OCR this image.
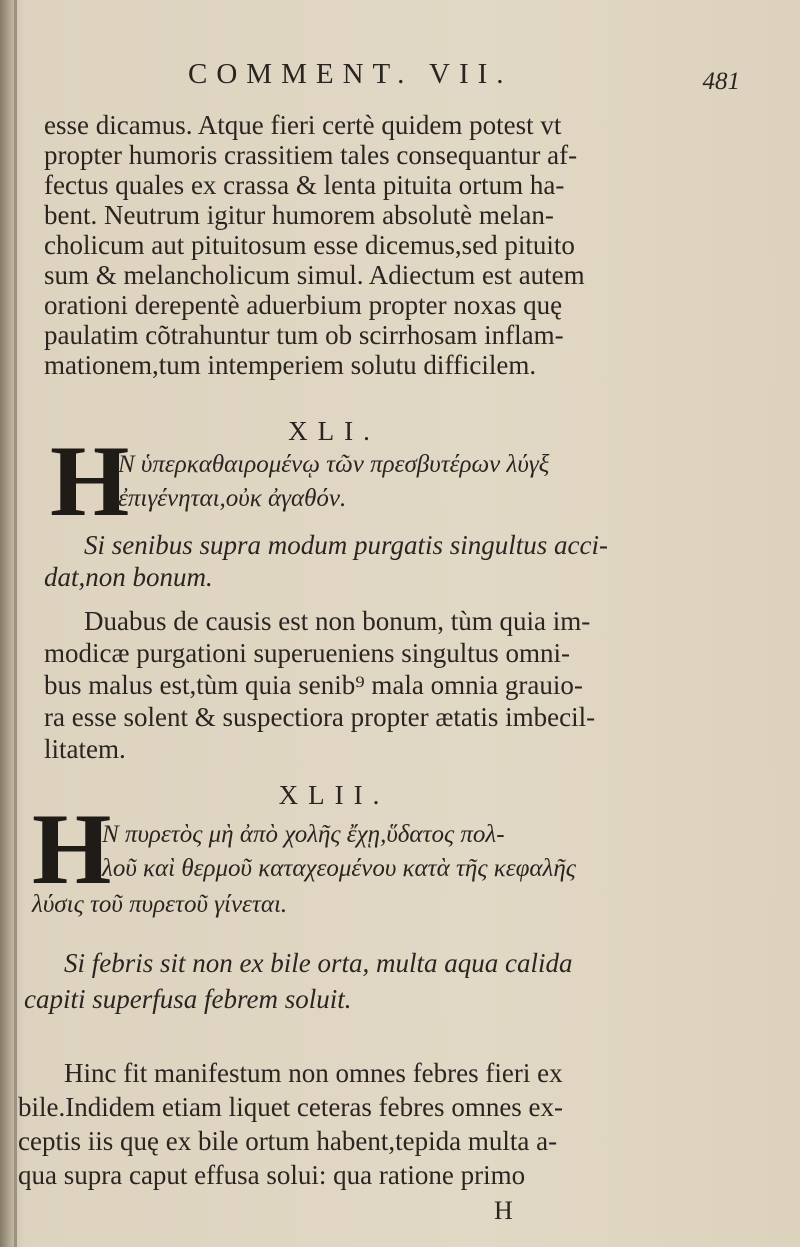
COMMENT. VII.	481
esse dicamus. Atque fieri certè quidem potest vt
propter humoris crassitiem tales consequantur af-
fectus quales ex crassa & lenta pituita ortum ha-
bent. Neutrum igitur humorem absolutè melan-
cholicum aut pituitosum esse dicemus,sed pituito
sum & melancholicum simul. Adiectum est autem
orationi derepentè aduerbium propter noxas quę
paulatim cõtrahuntur tum ob scirrhosam inflam-
mationem,tum intemperiem solutu difficilem.
XLI.
H
N ὑπερκαθαιρομένῳ τῶν πρεσβυτέρων λύγξ
ἐπιγένηται,οὐκ ἀγαθόν.
Si senibus supra modum purgatis singultus acci-
dat,non bonum.
Duabus de causis est non bonum, tùm quia im-
modicæ purgationi superueniens singultus omni-
bus malus est,tùm quia senib⁹ mala omnia grauio-
ra esse solent & suspectiora propter ætatis imbecil-
litatem.
XLII.
H
N πυρετὸς μὴ ἀπὸ χολῆς ἔχῃ,ὕδατος πολ-
λοῦ καὶ θερμοῦ καταχεομένου κατὰ τῆς κεφαλῆς
λύσις τοῦ πυρετοῦ γίνεται.
Si febris sit non ex bile orta, multa aqua calida
capiti superfusa febrem soluit.
Hinc fit manifestum non omnes febres fieri ex
bile.Indidem etiam liquet ceteras febres omnes ex-
ceptis iis quę ex bile ortum habent,tepida multa a-
qua supra caput effusa solui: qua ratione primo
H
